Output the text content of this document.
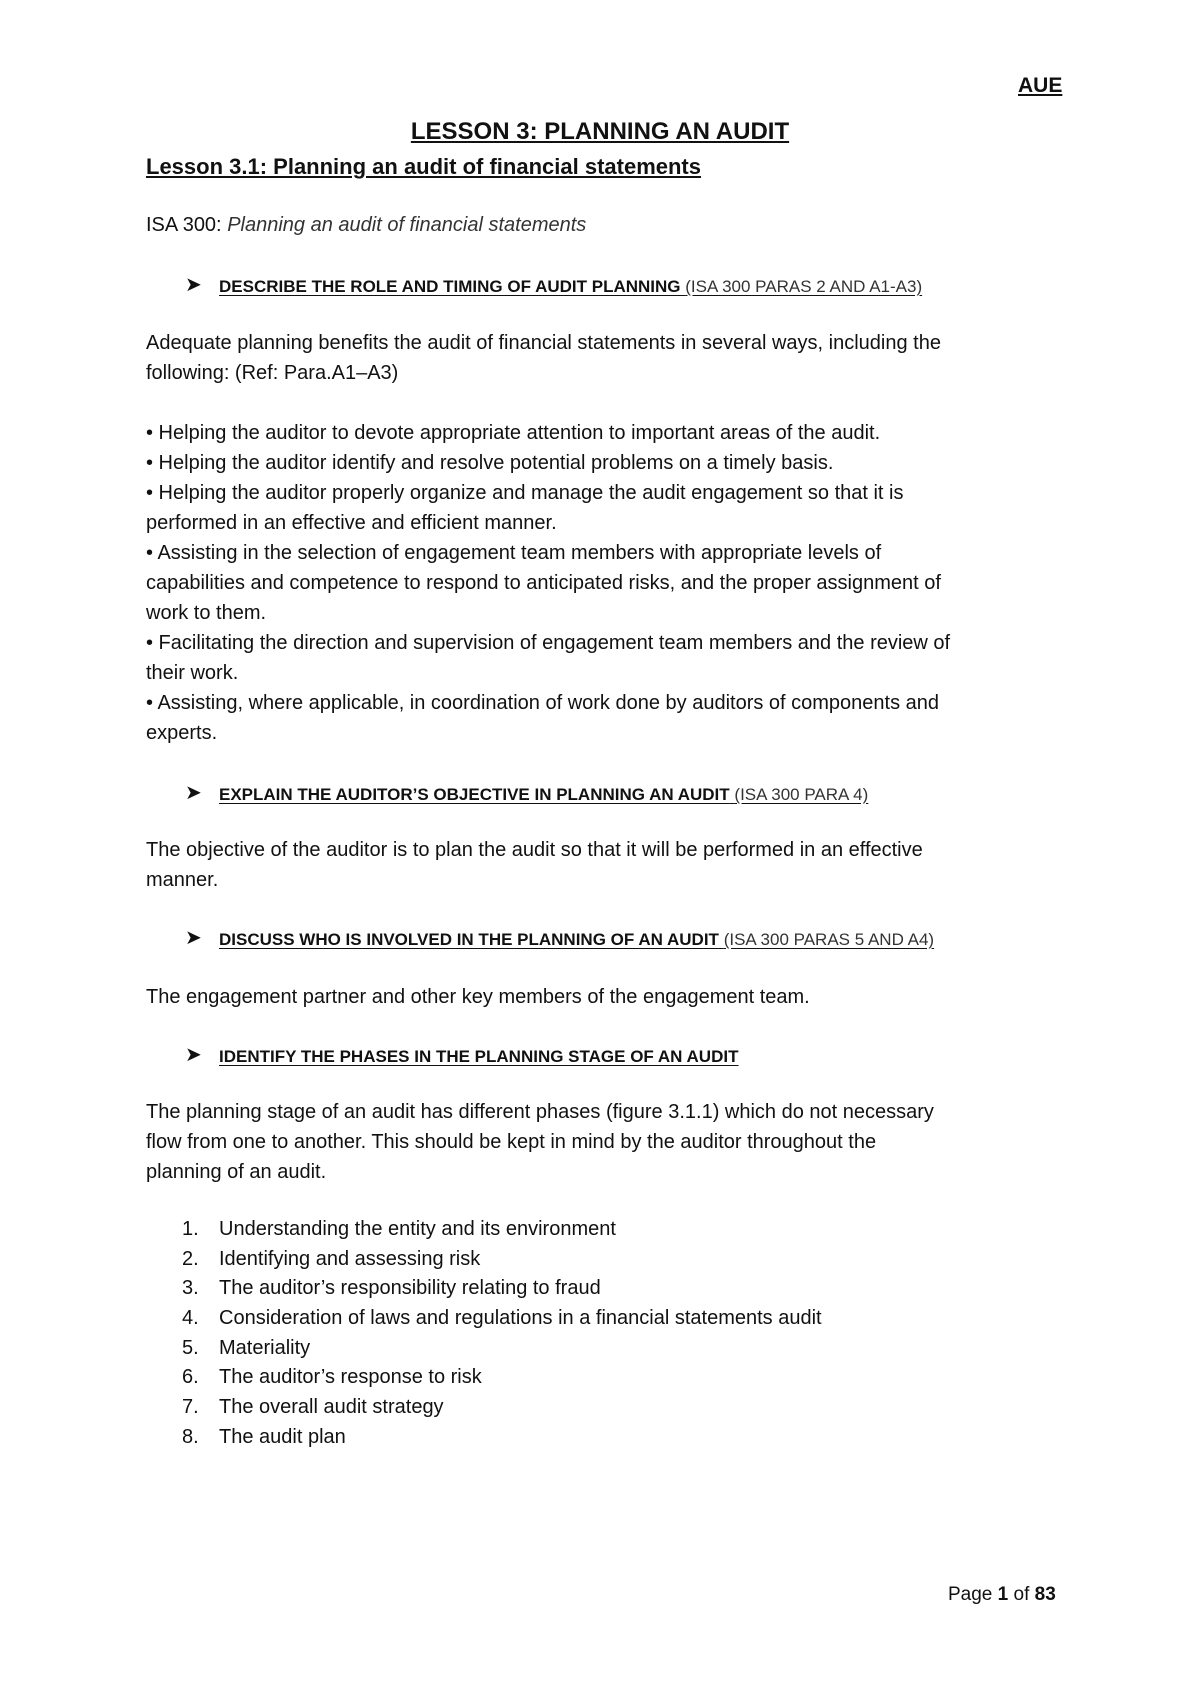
AUE
LESSON 3: PLANNING AN AUDIT
Lesson 3.1: Planning an audit of financial statements
ISA 300: Planning an audit of financial statements
➤ DESCRIBE THE ROLE AND TIMING OF AUDIT PLANNING (ISA 300 PARAS 2 AND A1-A3)
Adequate planning benefits the audit of financial statements in several ways, including the
following: (Ref: Para.A1–A3)
• Helping the auditor to devote appropriate attention to important areas of the audit.
• Helping the auditor identify and resolve potential problems on a timely basis.
• Helping the auditor properly organize and manage the audit engagement so that it is
performed in an effective and efficient manner.
• Assisting in the selection of engagement team members with appropriate levels of
capabilities and competence to respond to anticipated risks, and the proper assignment of
work to them.
• Facilitating the direction and supervision of engagement team members and the review of
their work.
• Assisting, where applicable, in coordination of work done by auditors of components and
experts.
➤ EXPLAIN THE AUDITOR’S OBJECTIVE IN PLANNING AN AUDIT (ISA 300 PARA 4)
The objective of the auditor is to plan the audit so that it will be performed in an effective
manner.
➤ DISCUSS WHO IS INVOLVED IN THE PLANNING OF AN AUDIT (ISA 300 PARAS 5 AND A4)
The engagement partner and other key members of the engagement team.
➤ IDENTIFY THE PHASES IN THE PLANNING STAGE OF AN AUDIT
The planning stage of an audit has different phases (figure 3.1.1) which do not necessary
flow from one to another. This should be kept in mind by the auditor throughout the
planning of an audit.
1. Understanding the entity and its environment
2. Identifying and assessing risk
3. The auditor’s responsibility relating to fraud
4. Consideration of laws and regulations in a financial statements audit
5. Materiality
6. The auditor’s response to risk
7. The overall audit strategy
8. The audit plan
Page 1 of 83
